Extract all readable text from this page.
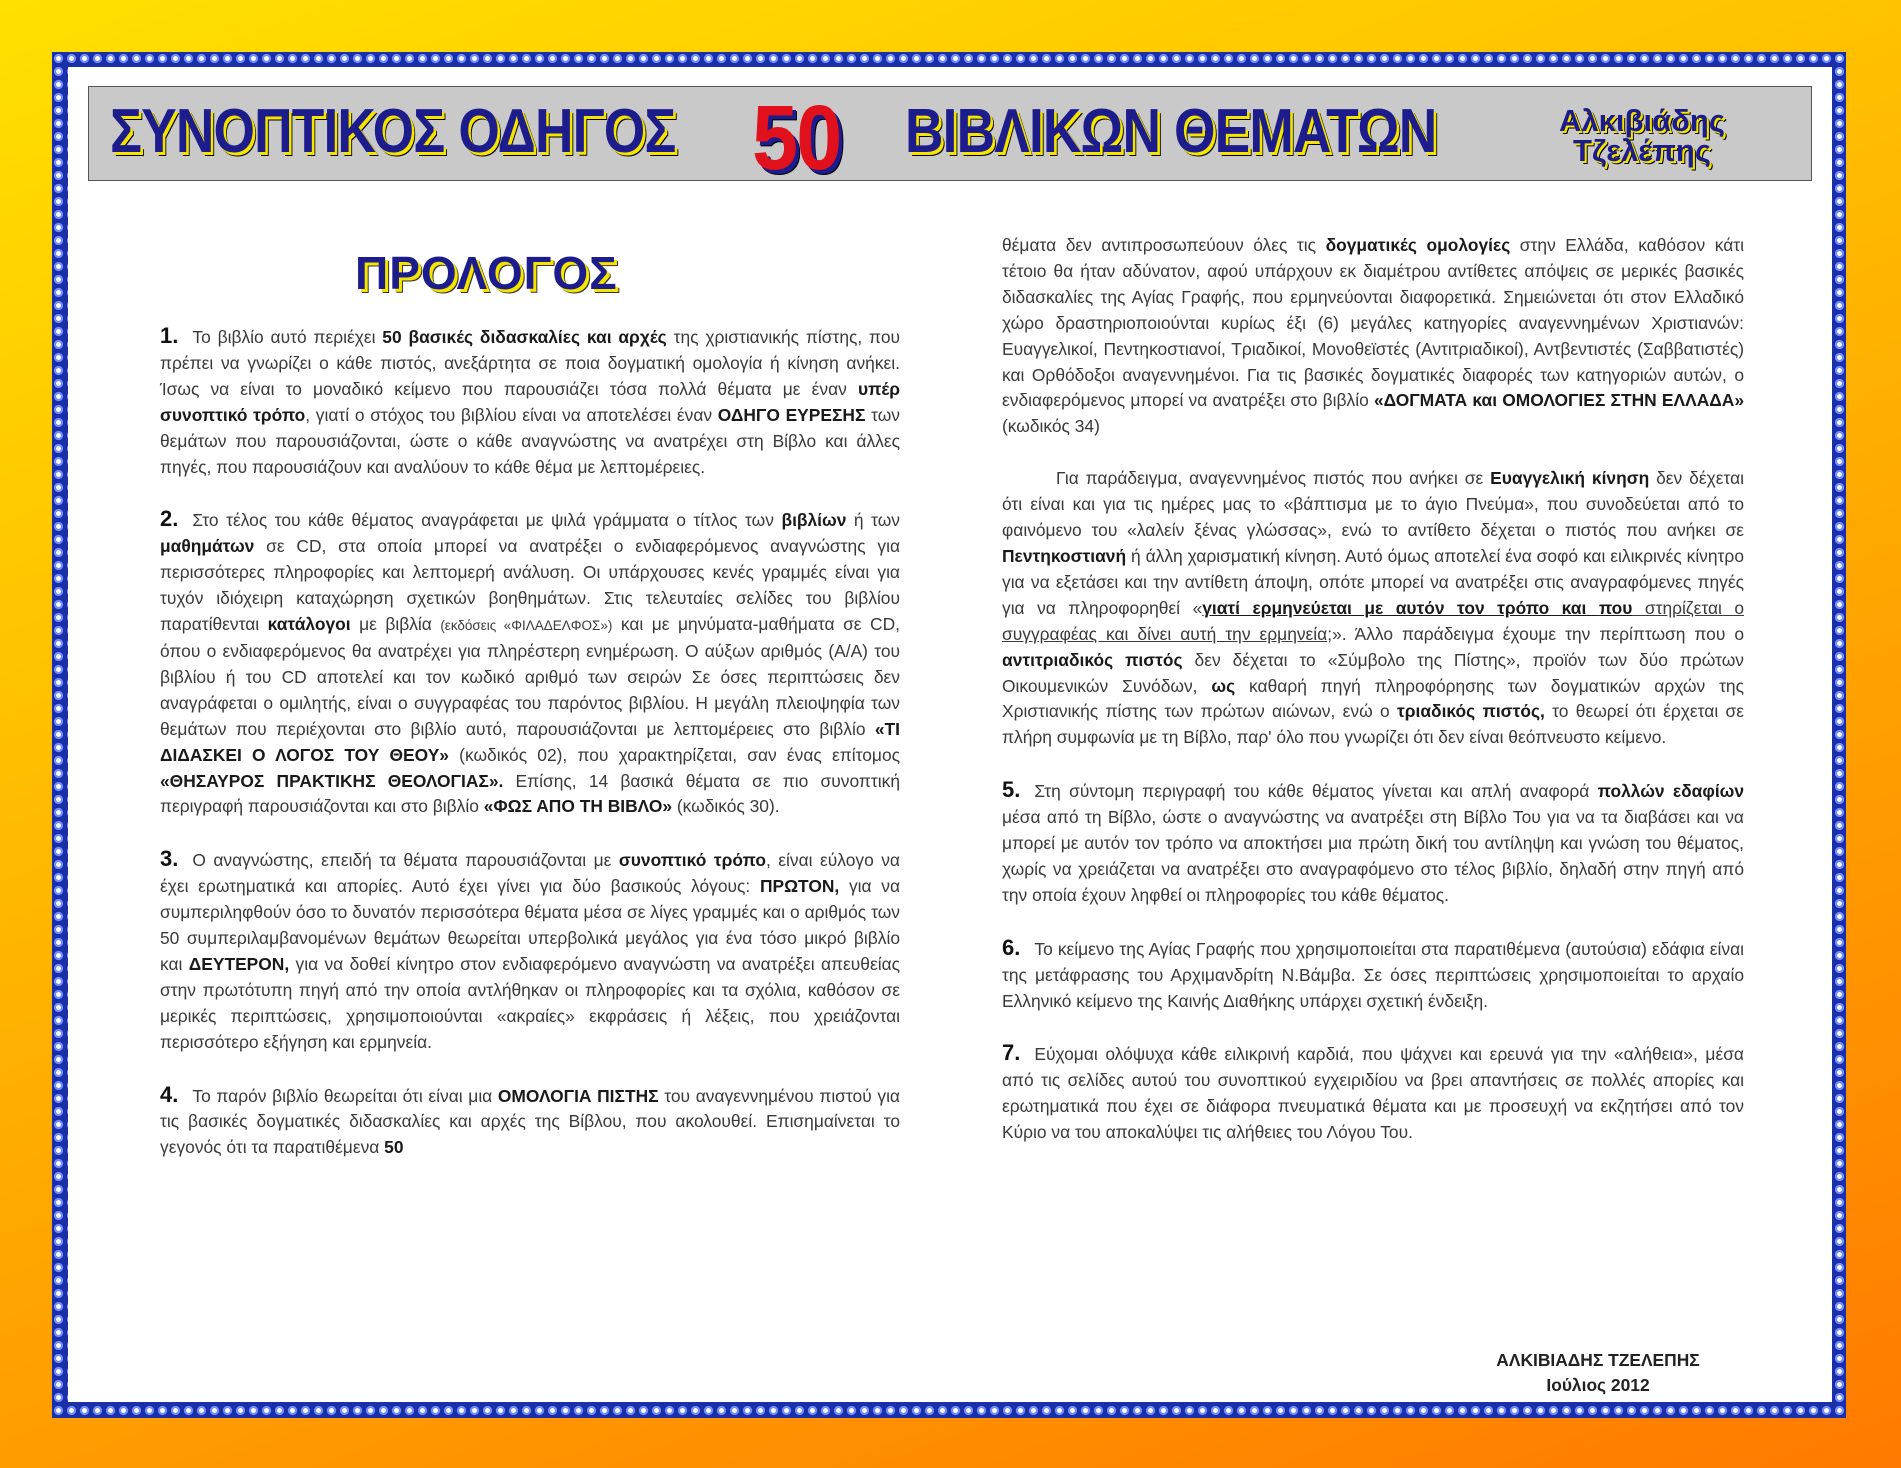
ΣΥΝΟΠΤΙΚΟΣ ΟΔΗΓΟΣ 50 ΒΙΒΛΙΚΩΝ ΘΕΜΑΤΩΝ	Αλκιβιάδης
Τζελέπης
ΠΡΟΛΟΓΟΣ

1. Το βιβλίο αυτό περιέχει 50 βασικές διδασκαλίες και αρχές της χριστιανικής πίστης, που πρέπει να γνωρίζει ο κάθε πιστός, ανεξάρτητα σε ποια δογματική ομολογία ή κίνηση ανήκει. Ίσως να είναι το μοναδικό κείμενο που παρουσιάζει τόσα πολλά θέματα με έναν υπέρ συνοπτικό τρόπο, γιατί ο στόχος του βιβλίου είναι να αποτελέσει έναν ΟΔΗΓΟ ΕΥΡΕΣΗΣ των θεμάτων που παρουσιάζονται, ώστε ο κάθε αναγνώστης να ανατρέχει στη Βίβλο και άλλες πηγές, που παρουσιάζουν και αναλύουν το κάθε θέμα με λεπτομέρειες.

2. Στο τέλος του κάθε θέματος αναγράφεται με ψιλά γράμματα ο τίτλος των βιβλίων ή των μαθημάτων σε CD, στα οποία μπορεί να ανατρέξει ο ενδιαφερόμενος αναγνώστης για περισσότερες πληροφορίες και λεπτομερή ανάλυση. Οι υπάρχουσες κενές γραμμές είναι για τυχόν ιδιόχειρη καταχώρηση σχετικών βοηθημάτων. Στις τελευταίες σελίδες του βιβλίου παρατίθενται κατάλογοι με βιβλία (εκδόσεις «ΦΙΛΑΔΕΛΦΟΣ») και με μηνύματα-μαθήματα σε CD, όπου ο ενδιαφερόμενος θα ανατρέχει για πληρέστερη ενημέρωση. Ο αύξων αριθμός (Α/Α) του βιβλίου ή του CD αποτελεί και τον κωδικό αριθμό των σειρών Σε όσες περιπτώσεις δεν αναγράφεται ο ομιλητής, είναι ο συγγραφέας του παρόντος βιβλίου. Η μεγάλη πλειοψηφία των θεμάτων που περιέχονται στο βιβλίο αυτό, παρουσιάζονται με λεπτομέρειες στο βιβλίο «ΤΙ ΔΙΔΑΣΚΕΙ Ο ΛΟΓΟΣ ΤΟΥ ΘΕΟΥ» (κωδικός 02), που χαρακτηρίζεται, σαν ένας επίτομος «ΘΗΣΑΥΡΟΣ ΠΡΑΚΤΙΚΗΣ ΘΕΟΛΟΓΙΑΣ». Επίσης, 14 βασικά θέματα σε πιο συνοπτική περιγραφή παρουσιάζονται και στο βιβλίο «ΦΩΣ ΑΠΟ ΤΗ ΒΙΒΛΟ» (κωδικός 30).

3. Ο αναγνώστης, επειδή τα θέματα παρουσιάζονται με συνοπτικό τρόπο, είναι εύλογο να έχει ερωτηματικά και απορίες. Αυτό έχει γίνει για δύο βασικούς λόγους: ΠΡΩΤΟΝ, για να συμπεριληφθούν όσο το δυνατόν περισσότερα θέματα μέσα σε λίγες γραμμές και ο αριθμός των 50 συμπεριλαμβανομένων θεμάτων θεωρείται υπερβολικά μεγάλος για ένα τόσο μικρό βιβλίο και ΔΕΥΤΕΡΟΝ, για να δοθεί κίνητρο στον ενδιαφερόμενο αναγνώστη να ανατρέξει απευθείας στην πρωτότυπη πηγή από την οποία αντλήθηκαν οι πληροφορίες και τα σχόλια, καθόσον σε μερικές περιπτώσεις, χρησιμοποιούνται «ακραίες» εκφράσεις ή λέξεις, που χρειάζονται περισσότερο εξήγηση και ερμηνεία.

4. Το παρόν βιβλίο θεωρείται ότι είναι μια ΟΜΟΛΟΓΙΑ ΠΙΣΤΗΣ του αναγεννημένου πιστού για τις βασικές δογματικές διδασκαλίες και αρχές της Βίβλου, που ακολουθεί. Επισημαίνεται το γεγονός ότι τα παρατιθέμενα 50

θέματα δεν αντιπροσωπεύουν όλες τις δογματικές ομολογίες στην Ελλάδα, καθόσον κάτι τέτοιο θα ήταν αδύνατον, αφού υπάρχουν εκ διαμέτρου αντίθετες απόψεις σε μερικές βασικές διδασκαλίες της Αγίας Γραφής, που ερμηνεύονται διαφορετικά. Σημειώνεται ότι στον Ελλαδικό χώρο δραστηριοποιούνται κυρίως έξι (6) μεγάλες κατηγορίες αναγεννημένων Χριστιανών: Ευαγγελικοί, Πεντηκοστιανοί, Τριαδικοί, Μονοθεϊστές (Αντιτριαδικοί), Αντβεντιστές (Σαββατιστές) και Ορθόδοξοι αναγεννημένοι. Για τις βασικές δογματικές διαφορές των κατηγοριών αυτών, ο ενδιαφερόμενος μπορεί να ανατρέξει στο βιβλίο «ΔΟΓΜΑΤΑ και ΟΜΟΛΟΓΙΕΣ ΣΤΗΝ ΕΛΛΑΔΑ» (κωδικός 34)

Για παράδειγμα, αναγεννημένος πιστός που ανήκει σε Ευαγγελική κίνηση δεν δέχεται ότι είναι και για τις ημέρες μας το «βάπτισμα με το άγιο Πνεύμα», που συνοδεύεται από το φαινόμενο του «λαλείν ξένας γλώσσας», ενώ το αντίθετο δέχεται ο πιστός που ανήκει σε Πεντηκοστιανή ή άλλη χαρισματική κίνηση. Αυτό όμως αποτελεί ένα σοφό και ειλικρινές κίνητρο για να εξετάσει και την αντίθετη άποψη, οπότε μπορεί να ανατρέξει στις αναγραφόμενες πηγές για να πληροφορηθεί «γιατί ερμηνεύεται με αυτόν τον τρόπο και που στηρίζεται ο συγγραφέας και δίνει αυτή την ερμηνεία;». Άλλο παράδειγμα έχουμε την περίπτωση που ο αντιτριαδικός πιστός δεν δέχεται το «Σύμβολο της Πίστης», προϊόν των δύο πρώτων Οικουμενικών Συνόδων, ως καθαρή πηγή πληροφόρησης των δογματικών αρχών της Χριστιανικής πίστης των πρώτων αιώνων, ενώ ο τριαδικός πιστός, το θεωρεί ότι έρχεται σε πλήρη συμφωνία με τη Βίβλο, παρ' όλο που γνωρίζει ότι δεν είναι θεόπνευστο κείμενο.

5. Στη σύντομη περιγραφή του κάθε θέματος γίνεται και απλή αναφορά πολλών εδαφίων μέσα από τη Βίβλο, ώστε ο αναγνώστης να ανατρέξει στη Βίβλο Του για να τα διαβάσει και να μπορεί με αυτόν τον τρόπο να αποκτήσει μια πρώτη δική του αντίληψη και γνώση του θέματος, χωρίς να χρειάζεται να ανατρέξει στο αναγραφόμενο στο τέλος βιβλίο, δηλαδή στην πηγή από την οποία έχουν ληφθεί οι πληροφορίες του κάθε θέματος.

6. Το κείμενο της Αγίας Γραφής που χρησιμοποιείται στα παρατιθέμενα (αυτούσια) εδάφια είναι της μετάφρασης του Αρχιμανδρίτη Ν.Βάμβα. Σε όσες περιπτώσεις χρησιμοποιείται το αρχαίο Ελληνικό κείμενο της Καινής Διαθήκης υπάρχει σχετική ένδειξη.

7. Εύχομαι ολόψυχα κάθε ειλικρινή καρδιά, που ψάχνει και ερευνά για την «αλήθεια», μέσα από τις σελίδες αυτού του συνοπτικού εγχειριδίου να βρει απαντήσεις σε πολλές απορίες και ερωτηματικά που έχει σε διάφορα πνευματικά θέματα και με προσευχή να εκζητήσει από τον Κύριο να του αποκαλύψει τις αλήθειες του Λόγου Του.

ΑΛΚΙΒΙΑΔΗΣ ΤΖΕΛΕΠΗΣ
Ιούλιος 2012
